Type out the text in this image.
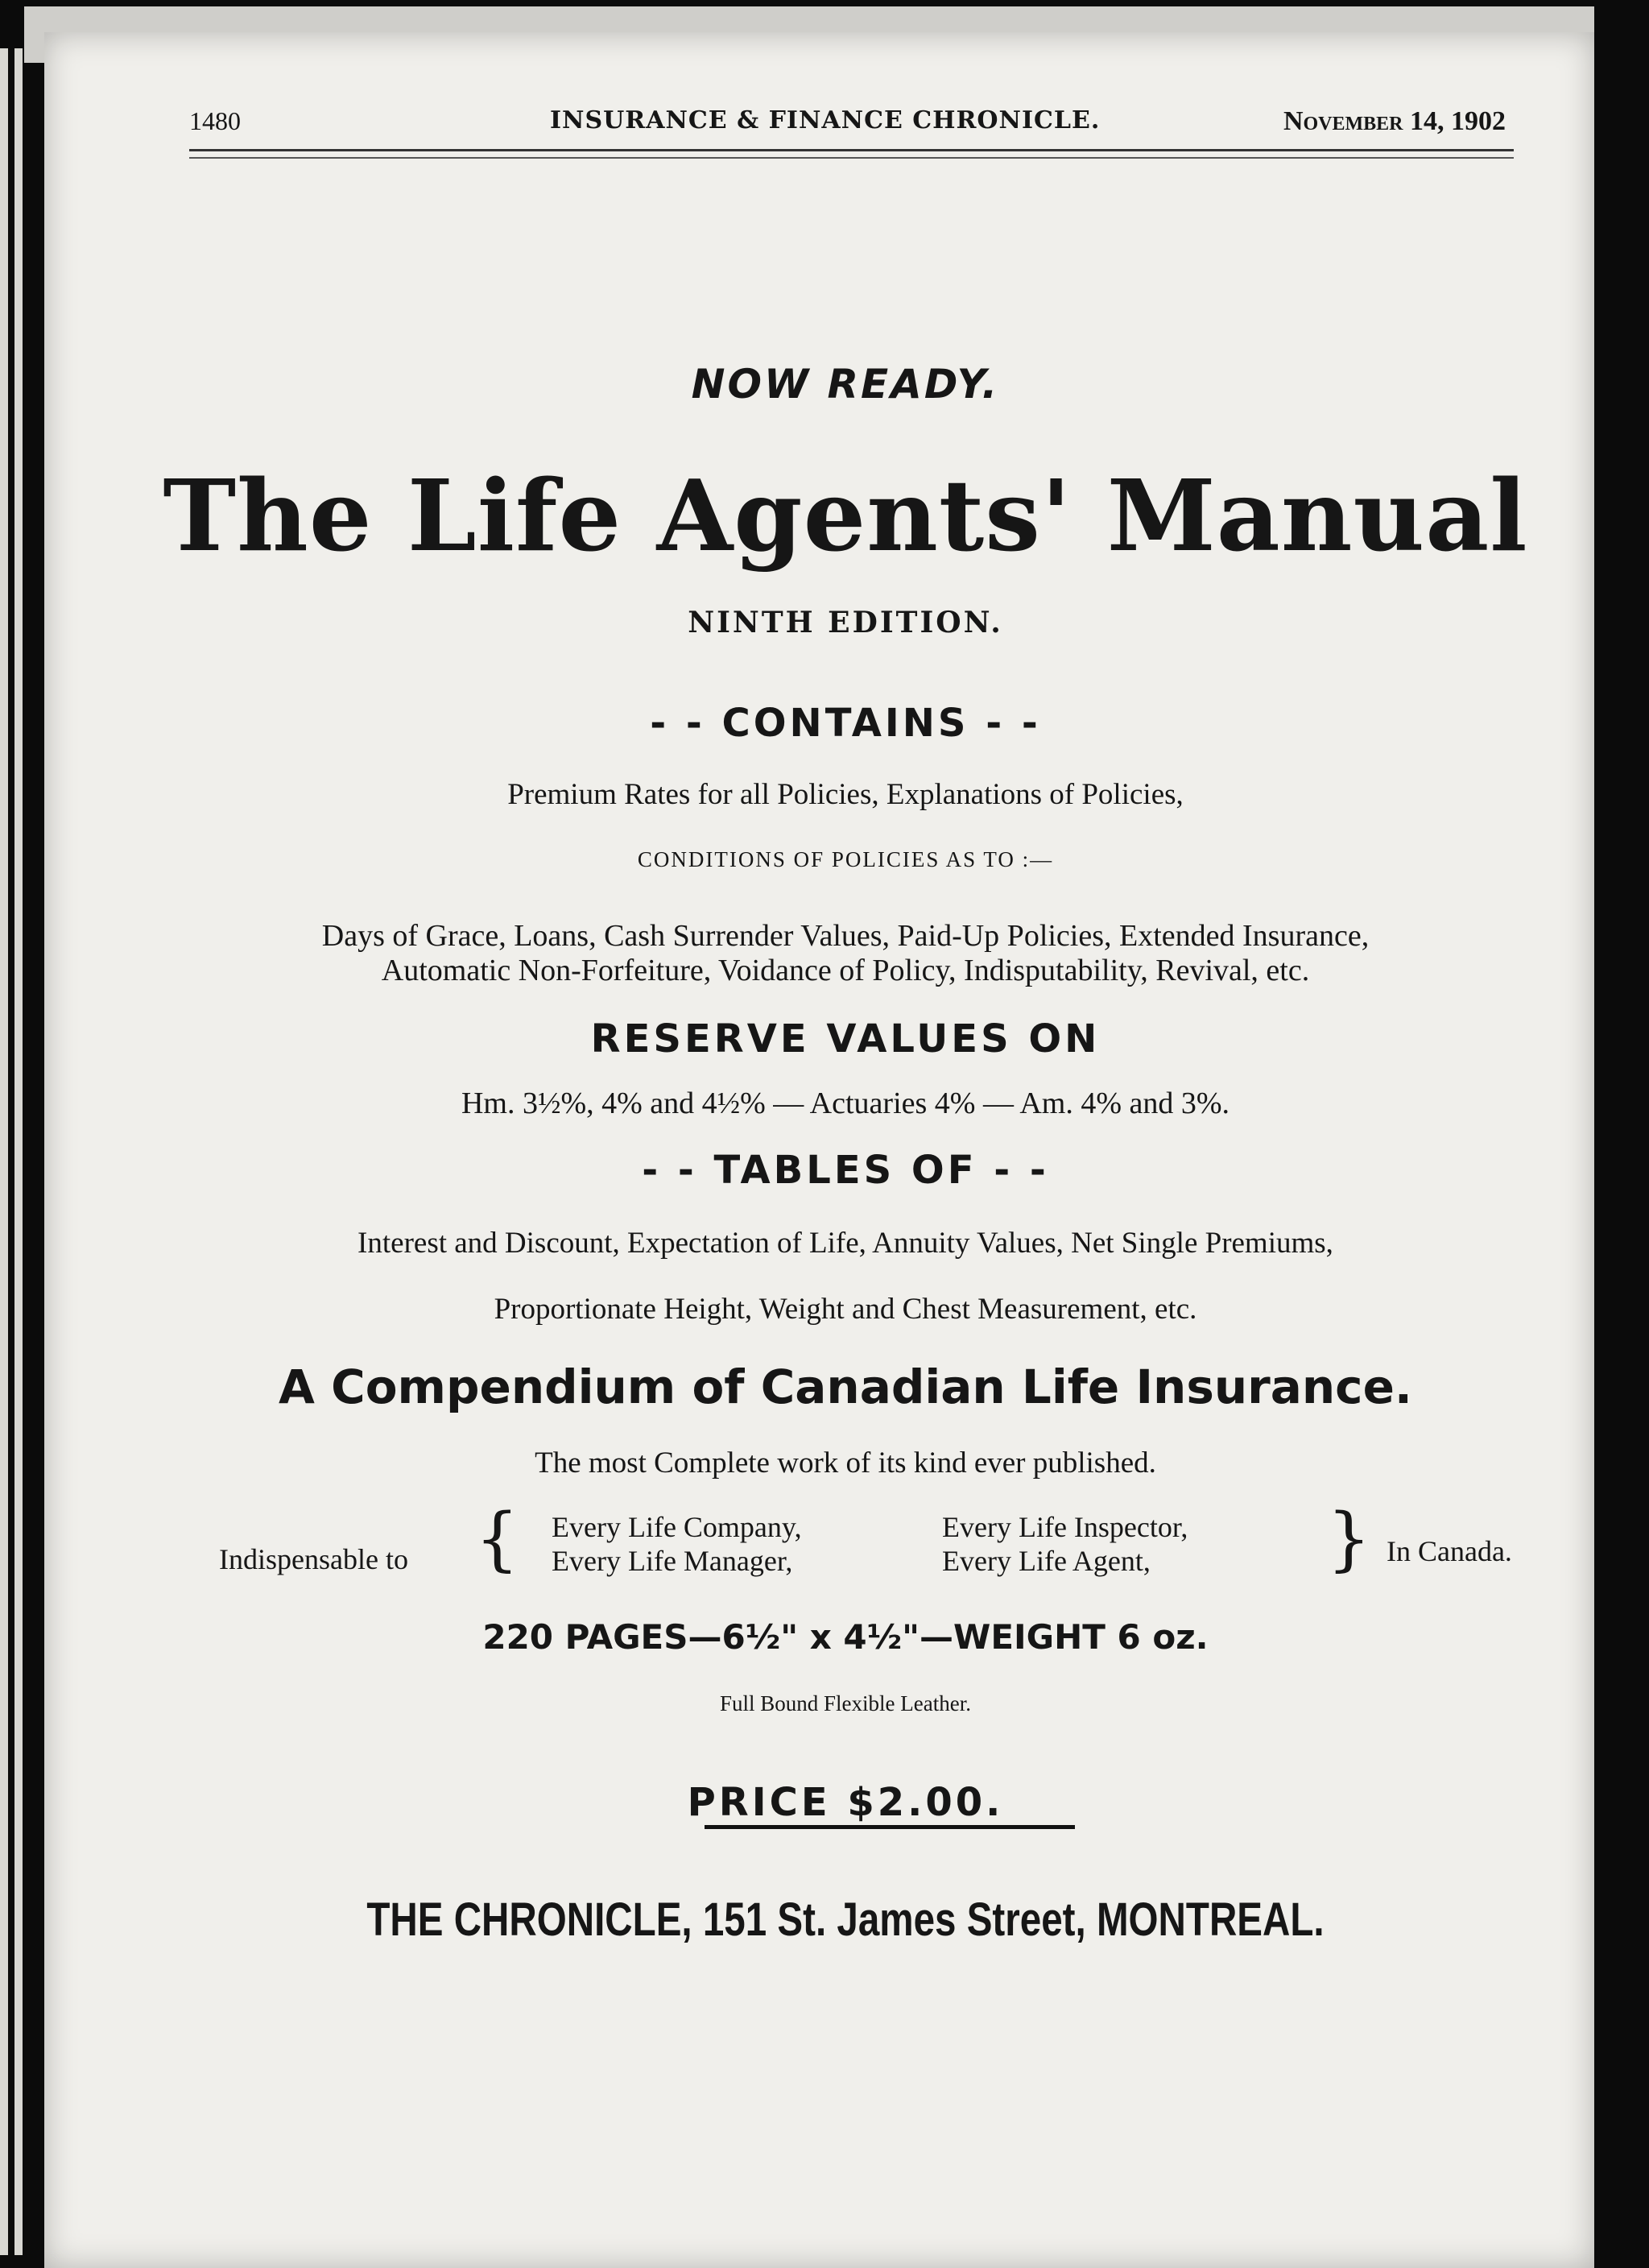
1480	INSURANCE & FINANCE CHRONICLE.	November 14, 1902
NOW READY.
The Life Agents' Manual
NINTH EDITION.
- - CONTAINS - -
Premium Rates for all Policies, Explanations of Policies,
CONDITIONS OF POLICIES AS TO :—
Days of Grace, Loans, Cash Surrender Values, Paid-Up Policies, Extended Insurance,
Automatic Non-Forfeiture, Voidance of Policy, Indisputability, Revival, etc.
RESERVE VALUES ON
Hm. 3½%, 4% and 4½% — Actuaries 4% — Am. 4% and 3%.
- - TABLES OF - -
Interest and Discount, Expectation of Life, Annuity Values, Net Single Premiums,
Proportionate Height, Weight and Chest Measurement, etc.
A Compendium of Canadian Life Insurance.
The most Complete work of its kind ever published.
Indispensable to { Every Life Company,
Every Life Manager,
Every Life Inspector,
Every Life Agent,	} In Canada.
220 PAGES—6½" x 4½"—WEIGHT 6 oz.
Full Bound Flexible Leather.
PRICE $2.00.
THE CHRONICLE, 151 St. James Street, MONTREAL.
